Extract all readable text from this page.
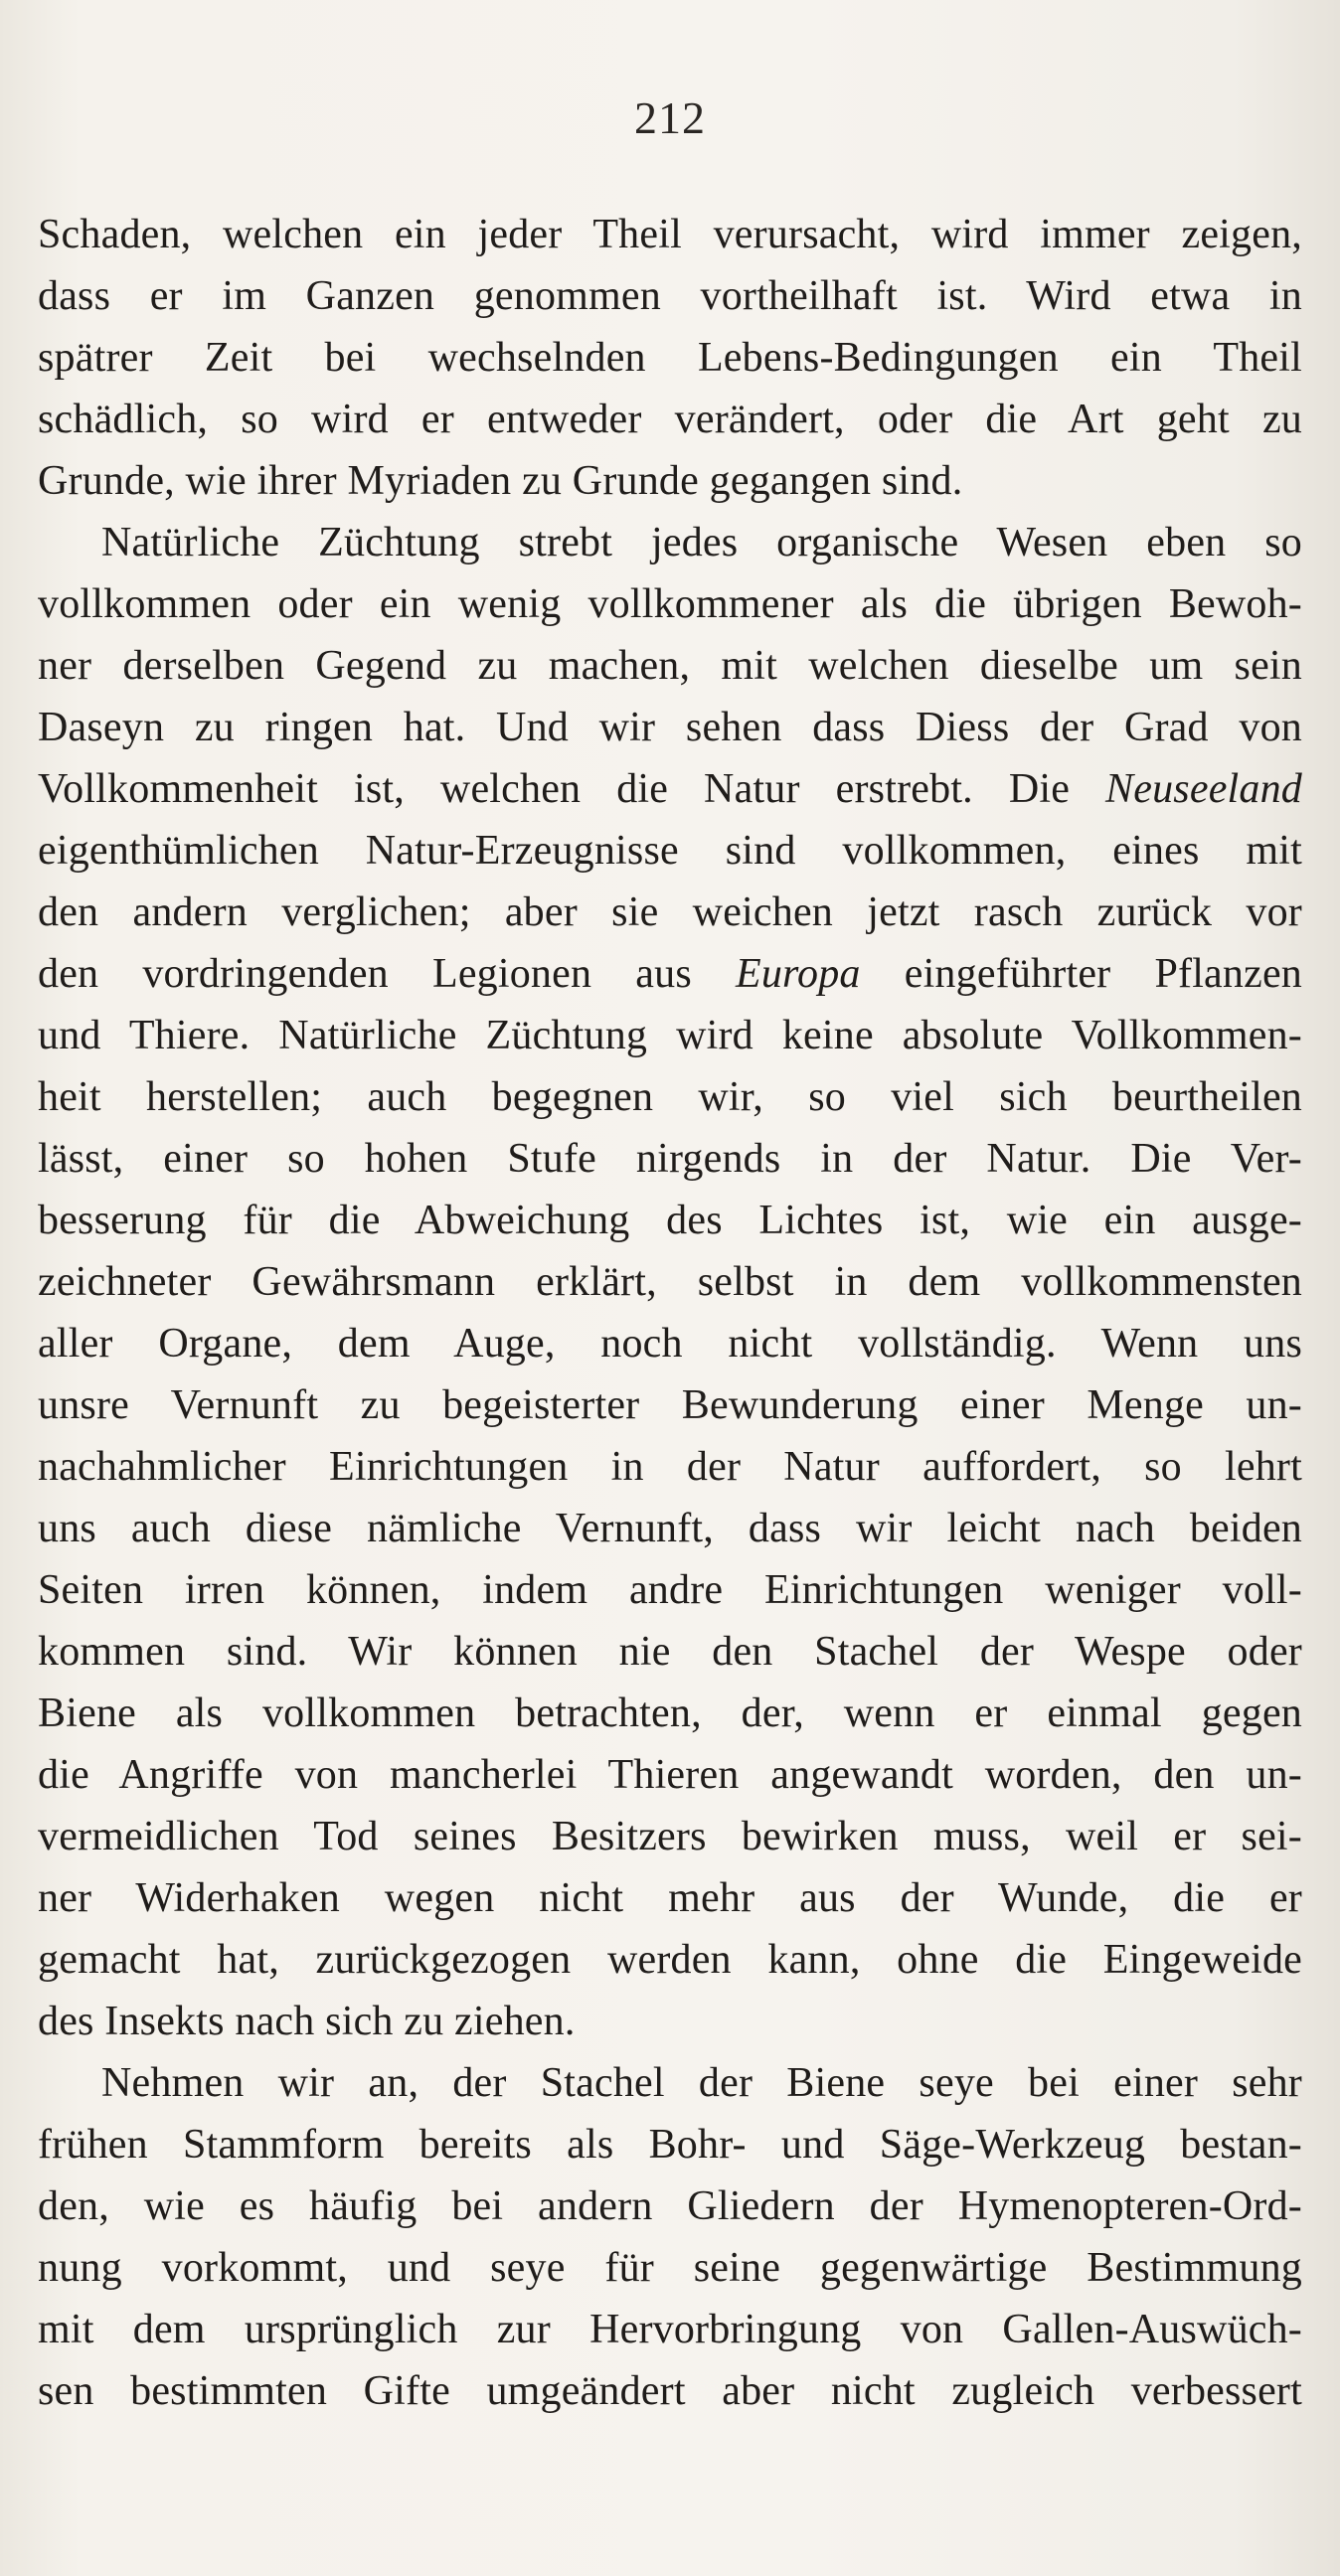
212
Schaden, welchen ein jeder Theil verursacht, wird immer zeigen,
dass er im Ganzen genommen vortheilhaft ist. Wird etwa in
spätrer Zeit bei wechselnden Lebens-Bedingungen ein Theil
schädlich, so wird er entweder verändert, oder die Art geht zu
Grunde, wie ihrer Myriaden zu Grunde gegangen sind.
Natürliche Züchtung strebt jedes organische Wesen eben so
vollkommen oder ein wenig vollkommener als die übrigen Bewoh-
ner derselben Gegend zu machen, mit welchen dieselbe um sein
Daseyn zu ringen hat. Und wir sehen dass Diess der Grad von
Vollkommenheit ist, welchen die Natur erstrebt. Die Neuseeland
eigenthümlichen Natur-Erzeugnisse sind vollkommen, eines mit
den andern verglichen; aber sie weichen jetzt rasch zurück vor
den vordringenden Legionen aus Europa eingeführter Pflanzen
und Thiere. Natürliche Züchtung wird keine absolute Vollkommen-
heit herstellen; auch begegnen wir, so viel sich beurtheilen
lässt, einer so hohen Stufe nirgends in der Natur. Die Ver-
besserung für die Abweichung des Lichtes ist, wie ein ausge-
zeichneter Gewährsmann erklärt, selbst in dem vollkommensten
aller Organe, dem Auge, noch nicht vollständig. Wenn uns
unsre Vernunft zu begeisterter Bewunderung einer Menge un-
nachahmlicher Einrichtungen in der Natur auffordert, so lehrt
uns auch diese nämliche Vernunft, dass wir leicht nach beiden
Seiten irren können, indem andre Einrichtungen weniger voll-
kommen sind. Wir können nie den Stachel der Wespe oder
Biene als vollkommen betrachten, der, wenn er einmal gegen
die Angriffe von mancherlei Thieren angewandt worden, den un-
vermeidlichen Tod seines Besitzers bewirken muss, weil er sei-
ner Widerhaken wegen nicht mehr aus der Wunde, die er
gemacht hat, zurückgezogen werden kann, ohne die Eingeweide
des Insekts nach sich zu ziehen.
Nehmen wir an, der Stachel der Biene seye bei einer sehr
frühen Stammform bereits als Bohr- und Säge-Werkzeug bestan-
den, wie es häufig bei andern Gliedern der Hymenopteren-Ord-
nung vorkommt, und seye für seine gegenwärtige Bestimmung
mit dem ursprünglich zur Hervorbringung von Gallen-Auswüch-
sen bestimmten Gifte umgeändert aber nicht zugleich verbessert
